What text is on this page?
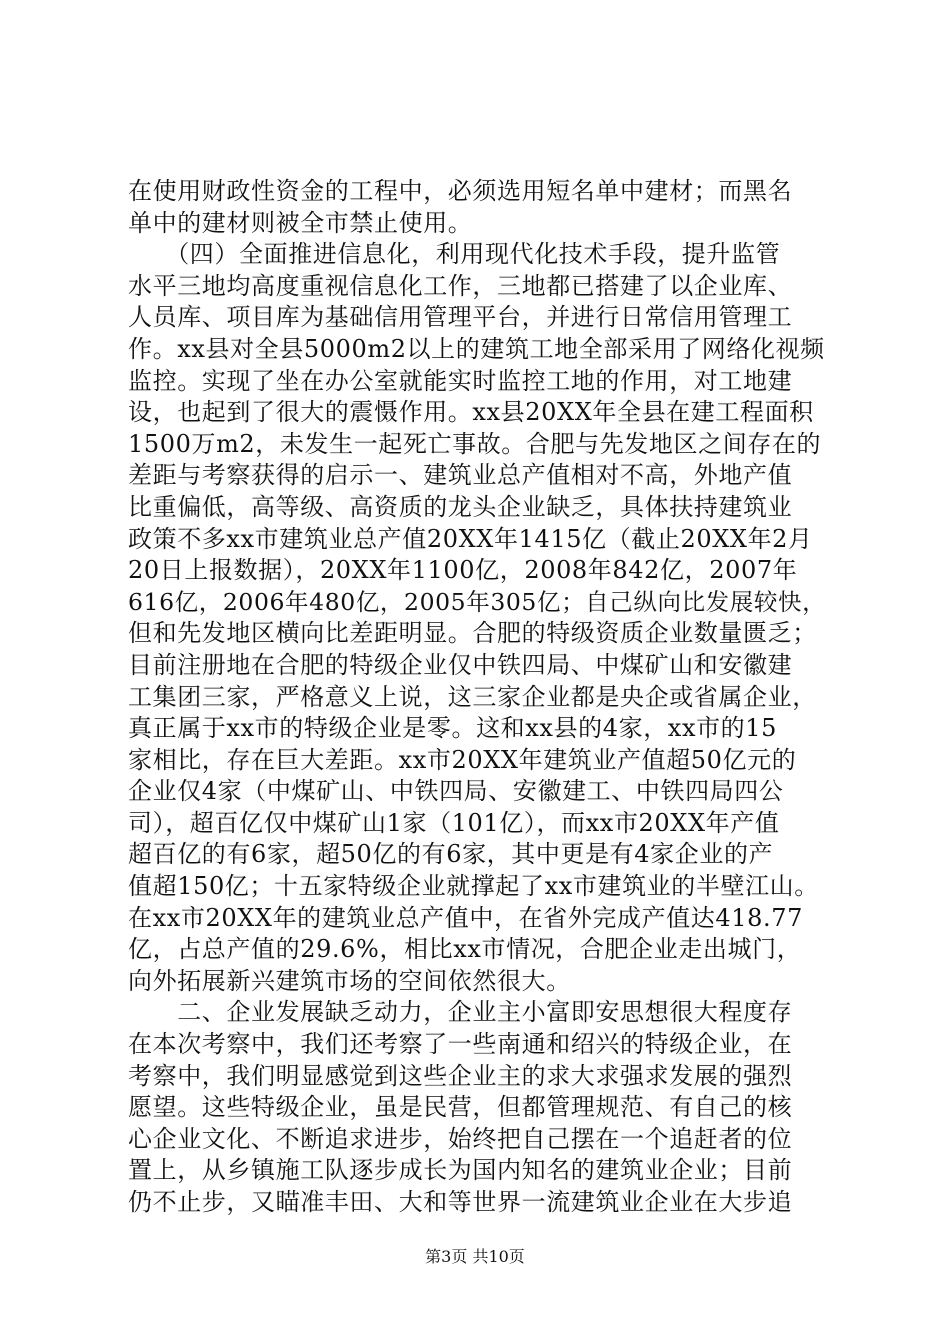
在使用财政性资金的工程中，必须选用短名单中建材；而黑名
单中的建材则被全市禁止使用。
　　（四）全面推进信息化，利用现代化技术手段，提升监管
水平三地均高度重视信息化工作，三地都已搭建了以企业库、
人员库、项目库为基础信用管理平台，并进行日常信用管理工
作。xx县对全县5000m2以上的建筑工地全部采用了网络化视频
监控。实现了坐在办公室就能实时监控工地的作用，对工地建
设，也起到了很大的震慑作用。xx县20XX年全县在建工程面积
1500万m2，未发生一起死亡事故。合肥与先发地区之间存在的
差距与考察获得的启示一、建筑业总产值相对不高，外地产值
比重偏低，高等级、高资质的龙头企业缺乏，具体扶持建筑业
政策不多xx市建筑业总产值20XX年1415亿（截止20XX年2月
20日上报数据），20XX年1100亿，2008年842亿，2007年
616亿，2006年480亿，2005年305亿；自己纵向比发展较快，
但和先发地区横向比差距明显。合肥的特级资质企业数量匮乏；
目前注册地在合肥的特级企业仅中铁四局、中煤矿山和安徽建
工集团三家，严格意义上说，这三家企业都是央企或省属企业，
真正属于xx市的特级企业是零。这和xx县的4家，xx市的15
家相比，存在巨大差距。xx市20XX年建筑业产值超50亿元的
企业仅4家（中煤矿山、中铁四局、安徽建工、中铁四局四公
司），超百亿仅中煤矿山1家（101亿），而xx市20XX年产值
超百亿的有6家，超50亿的有6家，其中更是有4家企业的产
值超150亿；十五家特级企业就撑起了xx市建筑业的半壁江山。
在xx市20XX年的建筑业总产值中，在省外完成产值达418.77
亿，占总产值的29.6%，相比xx市情况，合肥企业走出城门，
向外拓展新兴建筑市场的空间依然很大。
　　二、企业发展缺乏动力，企业主小富即安思想很大程度存
在本次考察中，我们还考察了一些南通和绍兴的特级企业，在
考察中，我们明显感觉到这些企业主的求大求强求发展的强烈
愿望。这些特级企业，虽是民营，但都管理规范、有自己的核
心企业文化、不断追求进步，始终把自己摆在一个追赶者的位
置上，从乡镇施工队逐步成长为国内知名的建筑业企业；目前
仍不止步，又瞄准丰田、大和等世界一流建筑业企业在大步追
第3页 共10页
